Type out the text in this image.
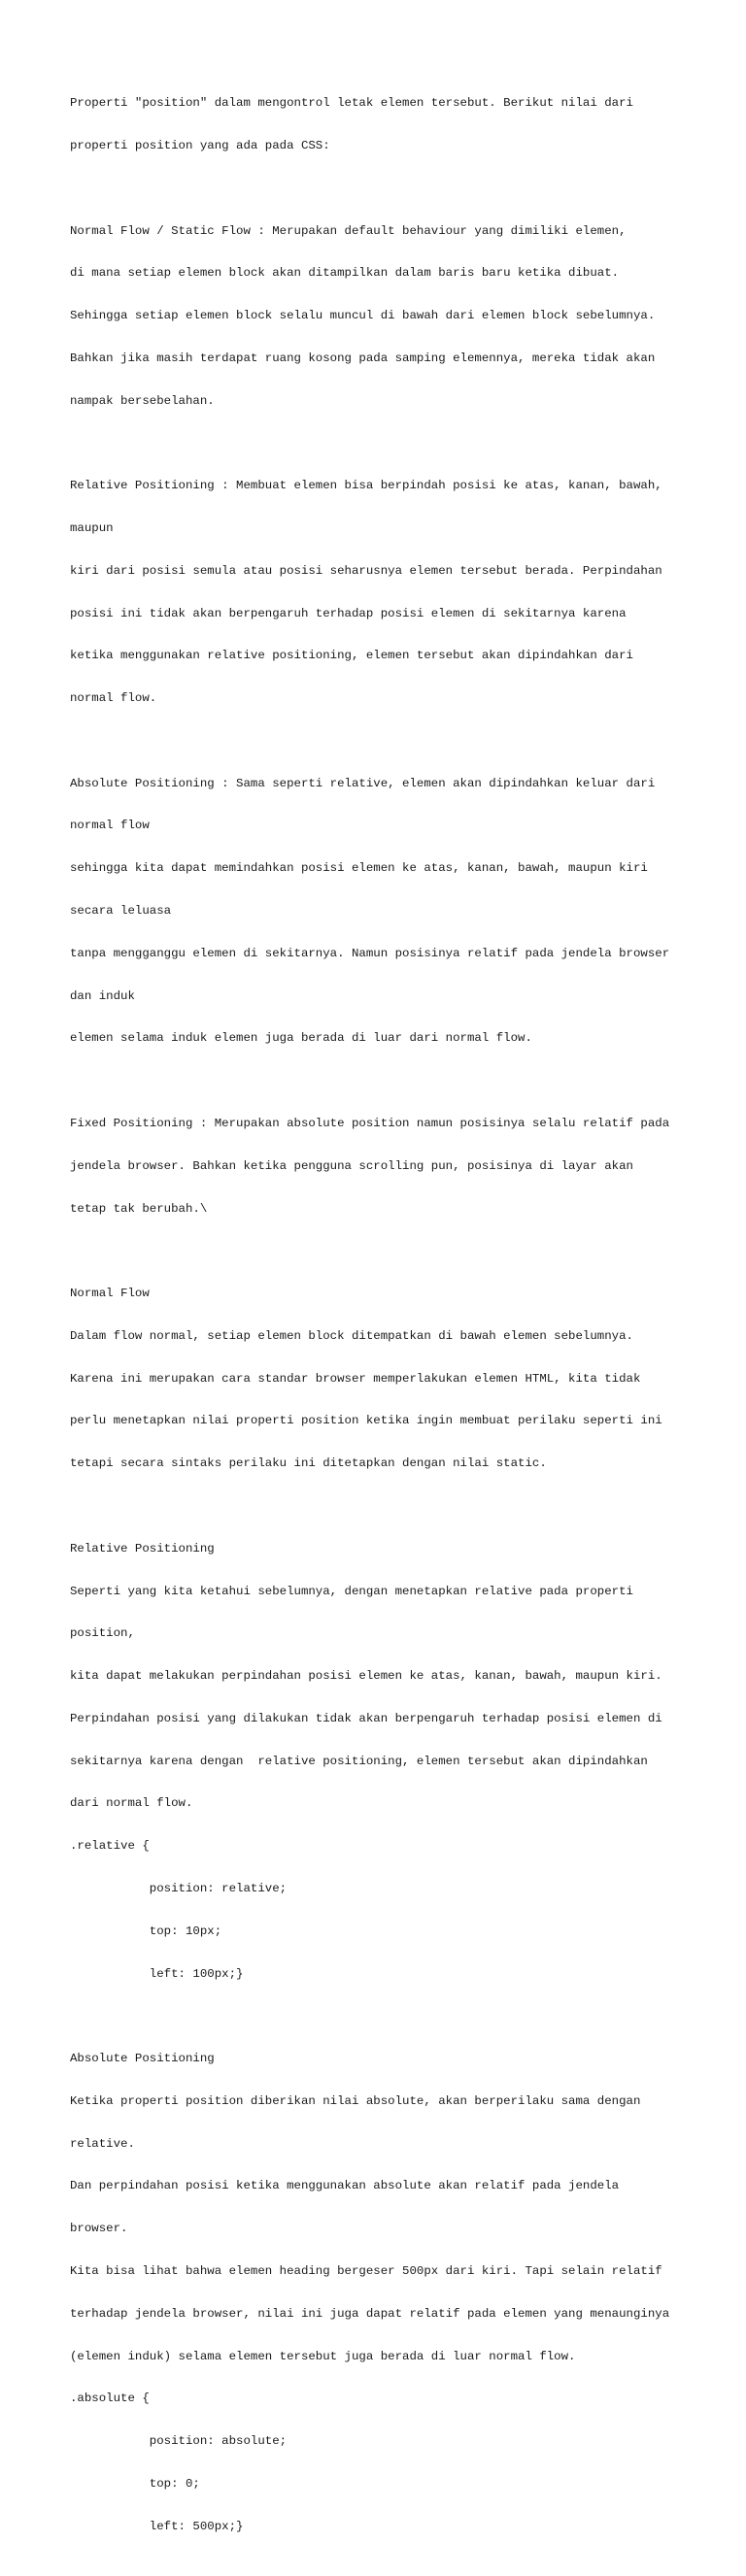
Properti "position" dalam mengontrol letak elemen tersebut. Berikut nilai dari

properti position yang ada pada CSS:

Normal Flow / Static Flow : Merupakan default behaviour yang dimiliki elemen,

di mana setiap elemen block akan ditampilkan dalam baris baru ketika dibuat.

Sehingga setiap elemen block selalu muncul di bawah dari elemen block sebelumnya.

Bahkan jika masih terdapat ruang kosong pada samping elemennya, mereka tidak akan

nampak bersebelahan.

Relative Positioning : Membuat elemen bisa berpindah posisi ke atas, kanan, bawah,

maupun

kiri dari posisi semula atau posisi seharusnya elemen tersebut berada. Perpindahan

posisi ini tidak akan berpengaruh terhadap posisi elemen di sekitarnya karena

ketika menggunakan relative positioning, elemen tersebut akan dipindahkan dari

normal flow.

Absolute Positioning : Sama seperti relative, elemen akan dipindahkan keluar dari

normal flow

sehingga kita dapat memindahkan posisi elemen ke atas, kanan, bawah, maupun kiri

secara leluasa

tanpa mengganggu elemen di sekitarnya. Namun posisinya relatif pada jendela browser

dan induk

elemen selama induk elemen juga berada di luar dari normal flow.

Fixed Positioning : Merupakan absolute position namun posisinya selalu relatif pada

jendela browser. Bahkan ketika pengguna scrolling pun, posisinya di layar akan

tetap tak berubah.\

Normal Flow

Dalam flow normal, setiap elemen block ditempatkan di bawah elemen sebelumnya.

Karena ini merupakan cara standar browser memperlakukan elemen HTML, kita tidak

perlu menetapkan nilai properti position ketika ingin membuat perilaku seperti ini

tetapi secara sintaks perilaku ini ditetapkan dengan nilai static.

Relative Positioning

Seperti yang kita ketahui sebelumnya, dengan menetapkan relative pada properti

position,

kita dapat melakukan perpindahan posisi elemen ke atas, kanan, bawah, maupun kiri.

Perpindahan posisi yang dilakukan tidak akan berpengaruh terhadap posisi elemen di

sekitarnya karena dengan  relative positioning, elemen tersebut akan dipindahkan

dari normal flow.

.relative {

position: relative;

top: 10px;

left: 100px;}

Absolute Positioning

Ketika properti position diberikan nilai absolute, akan berperilaku sama dengan

relative.

Dan perpindahan posisi ketika menggunakan absolute akan relatif pada jendela

browser.

Kita bisa lihat bahwa elemen heading bergeser 500px dari kiri. Tapi selain relatif

terhadap jendela browser, nilai ini juga dapat relatif pada elemen yang menaunginya

(elemen induk) selama elemen tersebut juga berada di luar normal flow.

.absolute {

position: absolute;

top: 0;

left: 500px;}
